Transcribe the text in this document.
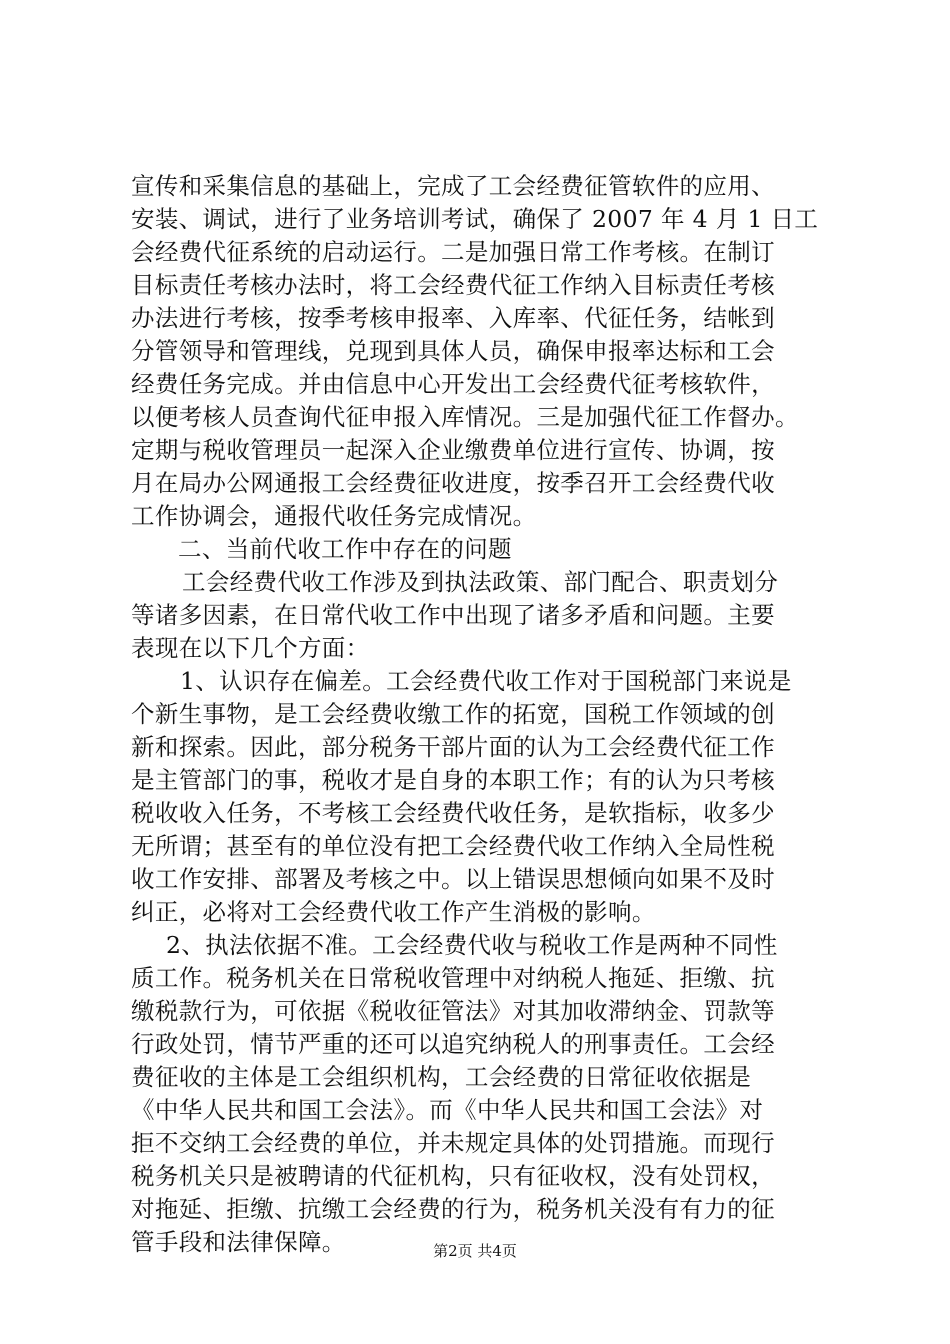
宣传和采集信息的基础上，完成了工会经费征管软件的应用、
安装、调试，进行了业务培训考试，确保了 2007 年 4 月 1 日工
会经费代征系统的启动运行。二是加强日常工作考核。在制订
目标责任考核办法时，将工会经费代征工作纳入目标责任考核
办法进行考核，按季考核申报率、入库率、代征任务，结帐到
分管领导和管理线，兑现到具体人员，确保申报率达标和工会
经费任务完成。并由信息中心开发出工会经费代征考核软件，
以便考核人员查询代征申报入库情况。三是加强代征工作督办。
定期与税收管理员一起深入企业缴费单位进行宣传、协调，按
月在局办公网通报工会经费征收进度，按季召开工会经费代收
工作协调会，通报代收任务完成情况。
二、当前代收工作中存在的问题
工会经费代收工作涉及到执法政策、部门配合、职责划分
等诸多因素，在日常代收工作中出现了诸多矛盾和问题。主要
表现在以下几个方面：
1、认识存在偏差。工会经费代收工作对于国税部门来说是
个新生事物，是工会经费收缴工作的拓宽，国税工作领域的创
新和探索。因此，部分税务干部片面的认为工会经费代征工作
是主管部门的事，税收才是自身的本职工作；有的认为只考核
税收收入任务，不考核工会经费代收任务，是软指标，收多少
无所谓；甚至有的单位没有把工会经费代收工作纳入全局性税
收工作安排、部署及考核之中。以上错误思想倾向如果不及时
纠正，必将对工会经费代收工作产生消极的影响。
2、执法依据不准。工会经费代收与税收工作是两种不同性
质工作。税务机关在日常税收管理中对纳税人拖延、拒缴、抗
缴税款行为，可依据《税收征管法》对其加收滞纳金、罚款等
行政处罚，情节严重的还可以追究纳税人的刑事责任。工会经
费征收的主体是工会组织机构，工会经费的日常征收依据是
《中华人民共和国工会法》。而《中华人民共和国工会法》对
拒不交纳工会经费的单位，并未规定具体的处罚措施。而现行
税务机关只是被聘请的代征机构，只有征收权，没有处罚权，
对拖延、拒缴、抗缴工会经费的行为，税务机关没有有力的征
管手段和法律保障。	第2页 共4页
